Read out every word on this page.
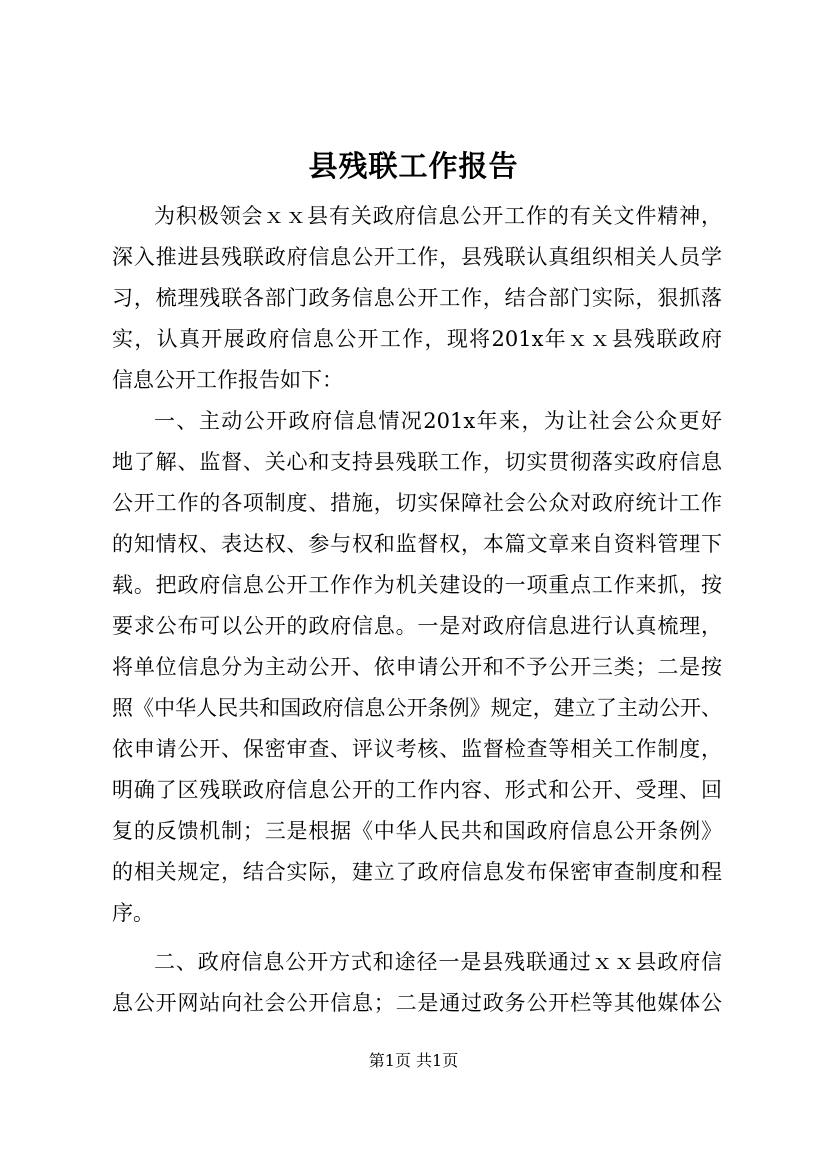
县残联工作报告
为积极领会ｘｘ县有关政府信息公开工作的有关文件精神，
深入推进县残联政府信息公开工作，县残联认真组织相关人员学
习，梳理残联各部门政务信息公开工作，结合部门实际，狠抓落
实，认真开展政府信息公开工作，现将201x年ｘｘ县残联政府
信息公开工作报告如下：
一、主动公开政府信息情况201x年来，为让社会公众更好
地了解、监督、关心和支持县残联工作，切实贯彻落实政府信息
公开工作的各项制度、措施，切实保障社会公众对政府统计工作
的知情权、表达权、参与权和监督权，本篇文章来自资料管理下
载。把政府信息公开工作作为机关建设的一项重点工作来抓，按
要求公布可以公开的政府信息。一是对政府信息进行认真梳理，
将单位信息分为主动公开、依申请公开和不予公开三类；二是按
照《中华人民共和国政府信息公开条例》规定，建立了主动公开、
依申请公开、保密审查、评议考核、监督检查等相关工作制度，
明确了区残联政府信息公开的工作内容、形式和公开、受理、回
复的反馈机制；三是根据《中华人民共和国政府信息公开条例》
的相关规定，结合实际，建立了政府信息发布保密审查制度和程
序。
二、政府信息公开方式和途径一是县残联通过ｘｘ县政府信
息公开网站向社会公开信息；二是通过政务公开栏等其他媒体公
第1页 共1页
